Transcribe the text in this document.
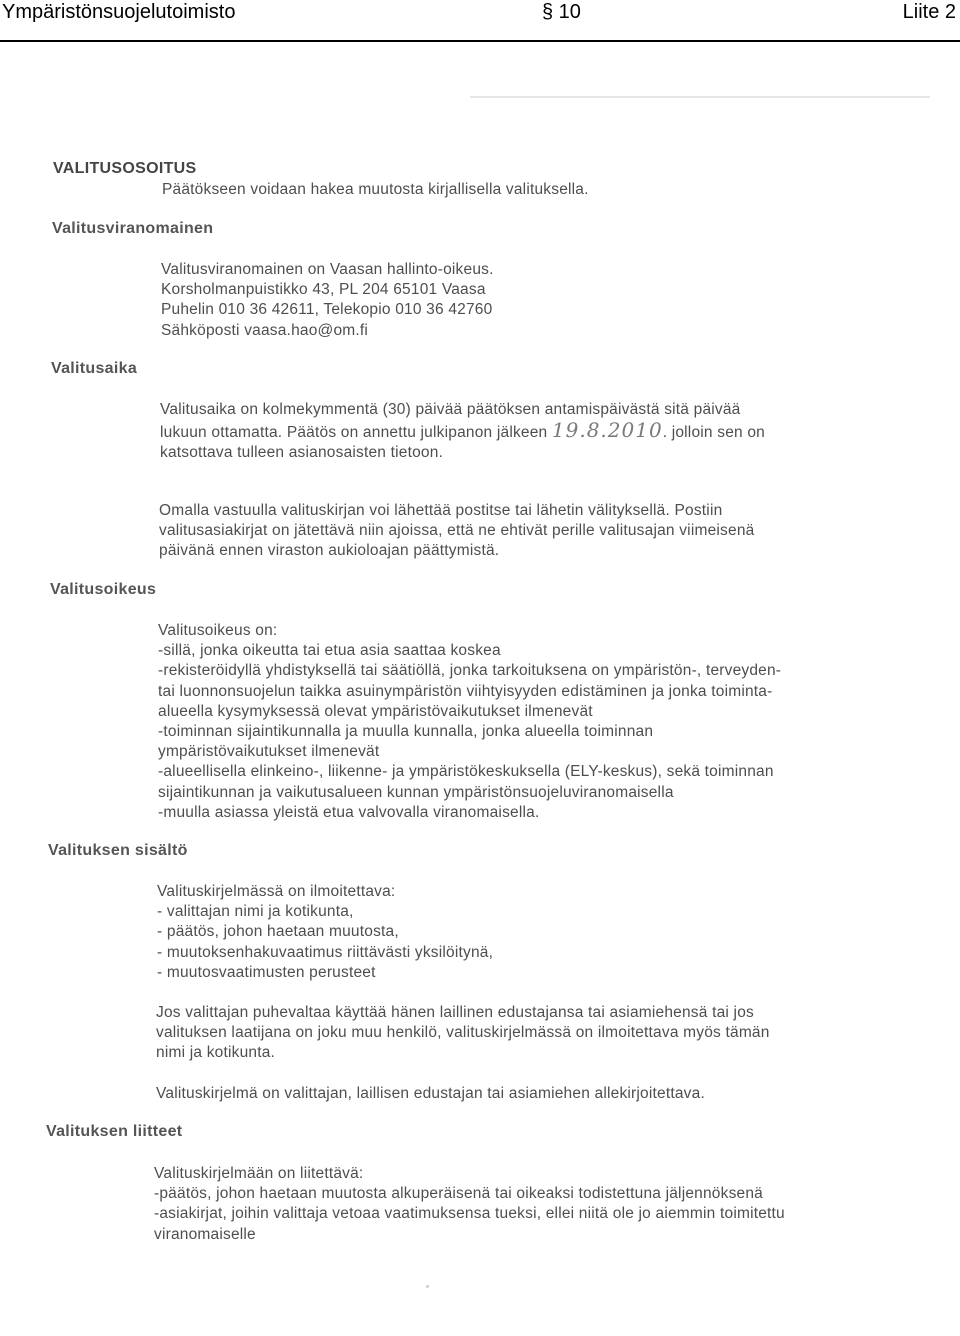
Ympäristönsuojelutoimisto	§ 10	Liite 2
VALITUSOSOITUS

Päätökseen voidaan hakea muutosta kirjallisella valituksella.

Valitusviranomainen

Valitusviranomainen on Vaasan hallinto-oikeus.

Korsholmanpuistikko 43, PL 204 65101 Vaasa

Puhelin 010 36 42611, Telekopio 010 36 42760

Sähköposti vaasa.hao@om.fi

Valitusaika

Valitusaika on kolmekymmentä (30) päivää päätöksen antamispäivästä sitä päivää

lukuun ottamatta. Päätös on annettu julkipanon jälkeen 19.8.2010. jolloin sen on

katsottava tulleen asianosaisten tietoon.

Omalla vastuulla valituskirjan voi lähettää postitse tai lähetin välityksellä. Postiin

valitusasiakirjat on jätettävä niin ajoissa, että ne ehtivät perille valitusajan viimeisenä

päivänä ennen viraston aukioloajan päättymistä.

Valitusoikeus

Valitusoikeus on:

-sillä, jonka oikeutta tai etua asia saattaa koskea

-rekisteröidyllä yhdistyksellä tai säätiöllä, jonka tarkoituksena on ympäristön-, terveyden-

tai luonnonsuojelun taikka asuinympäristön viihtyisyyden edistäminen ja jonka toiminta-

alueella kysymyksessä olevat ympäristövaikutukset ilmenevät

-toiminnan sijaintikunnalla ja muulla kunnalla, jonka alueella toiminnan

ympäristövaikutukset ilmenevät

-alueellisella elinkeino-, liikenne- ja ympäristökeskuksella (ELY-keskus), sekä toiminnan

sijaintikunnan ja vaikutusalueen kunnan ympäristönsuojeluviranomaisella

-muulla asiassa yleistä etua valvovalla viranomaisella.

Valituksen sisältö

Valituskirjelmässä on ilmoitettava:

- valittajan nimi ja kotikunta,

- päätös, johon haetaan muutosta,

- muutoksenhakuvaatimus riittävästi yksilöitynä,

- muutosvaatimusten perusteet

Jos valittajan puhevaltaa käyttää hänen laillinen edustajansa tai asiamiehensä tai jos

valituksen laatijana on joku muu henkilö, valituskirjelmässä on ilmoitettava myös tämän

nimi ja kotikunta.

Valituskirjelmä on valittajan, laillisen edustajan tai asiamiehen allekirjoitettava.

Valituksen liitteet

Valituskirjelmään on liitettävä:

-päätös, johon haetaan muutosta alkuperäisenä tai oikeaksi todistettuna jäljennöksenä

-asiakirjat, joihin valittaja vetoaa vaatimuksensa tueksi, ellei niitä ole jo aiemmin toimitettu

viranomaiselle
